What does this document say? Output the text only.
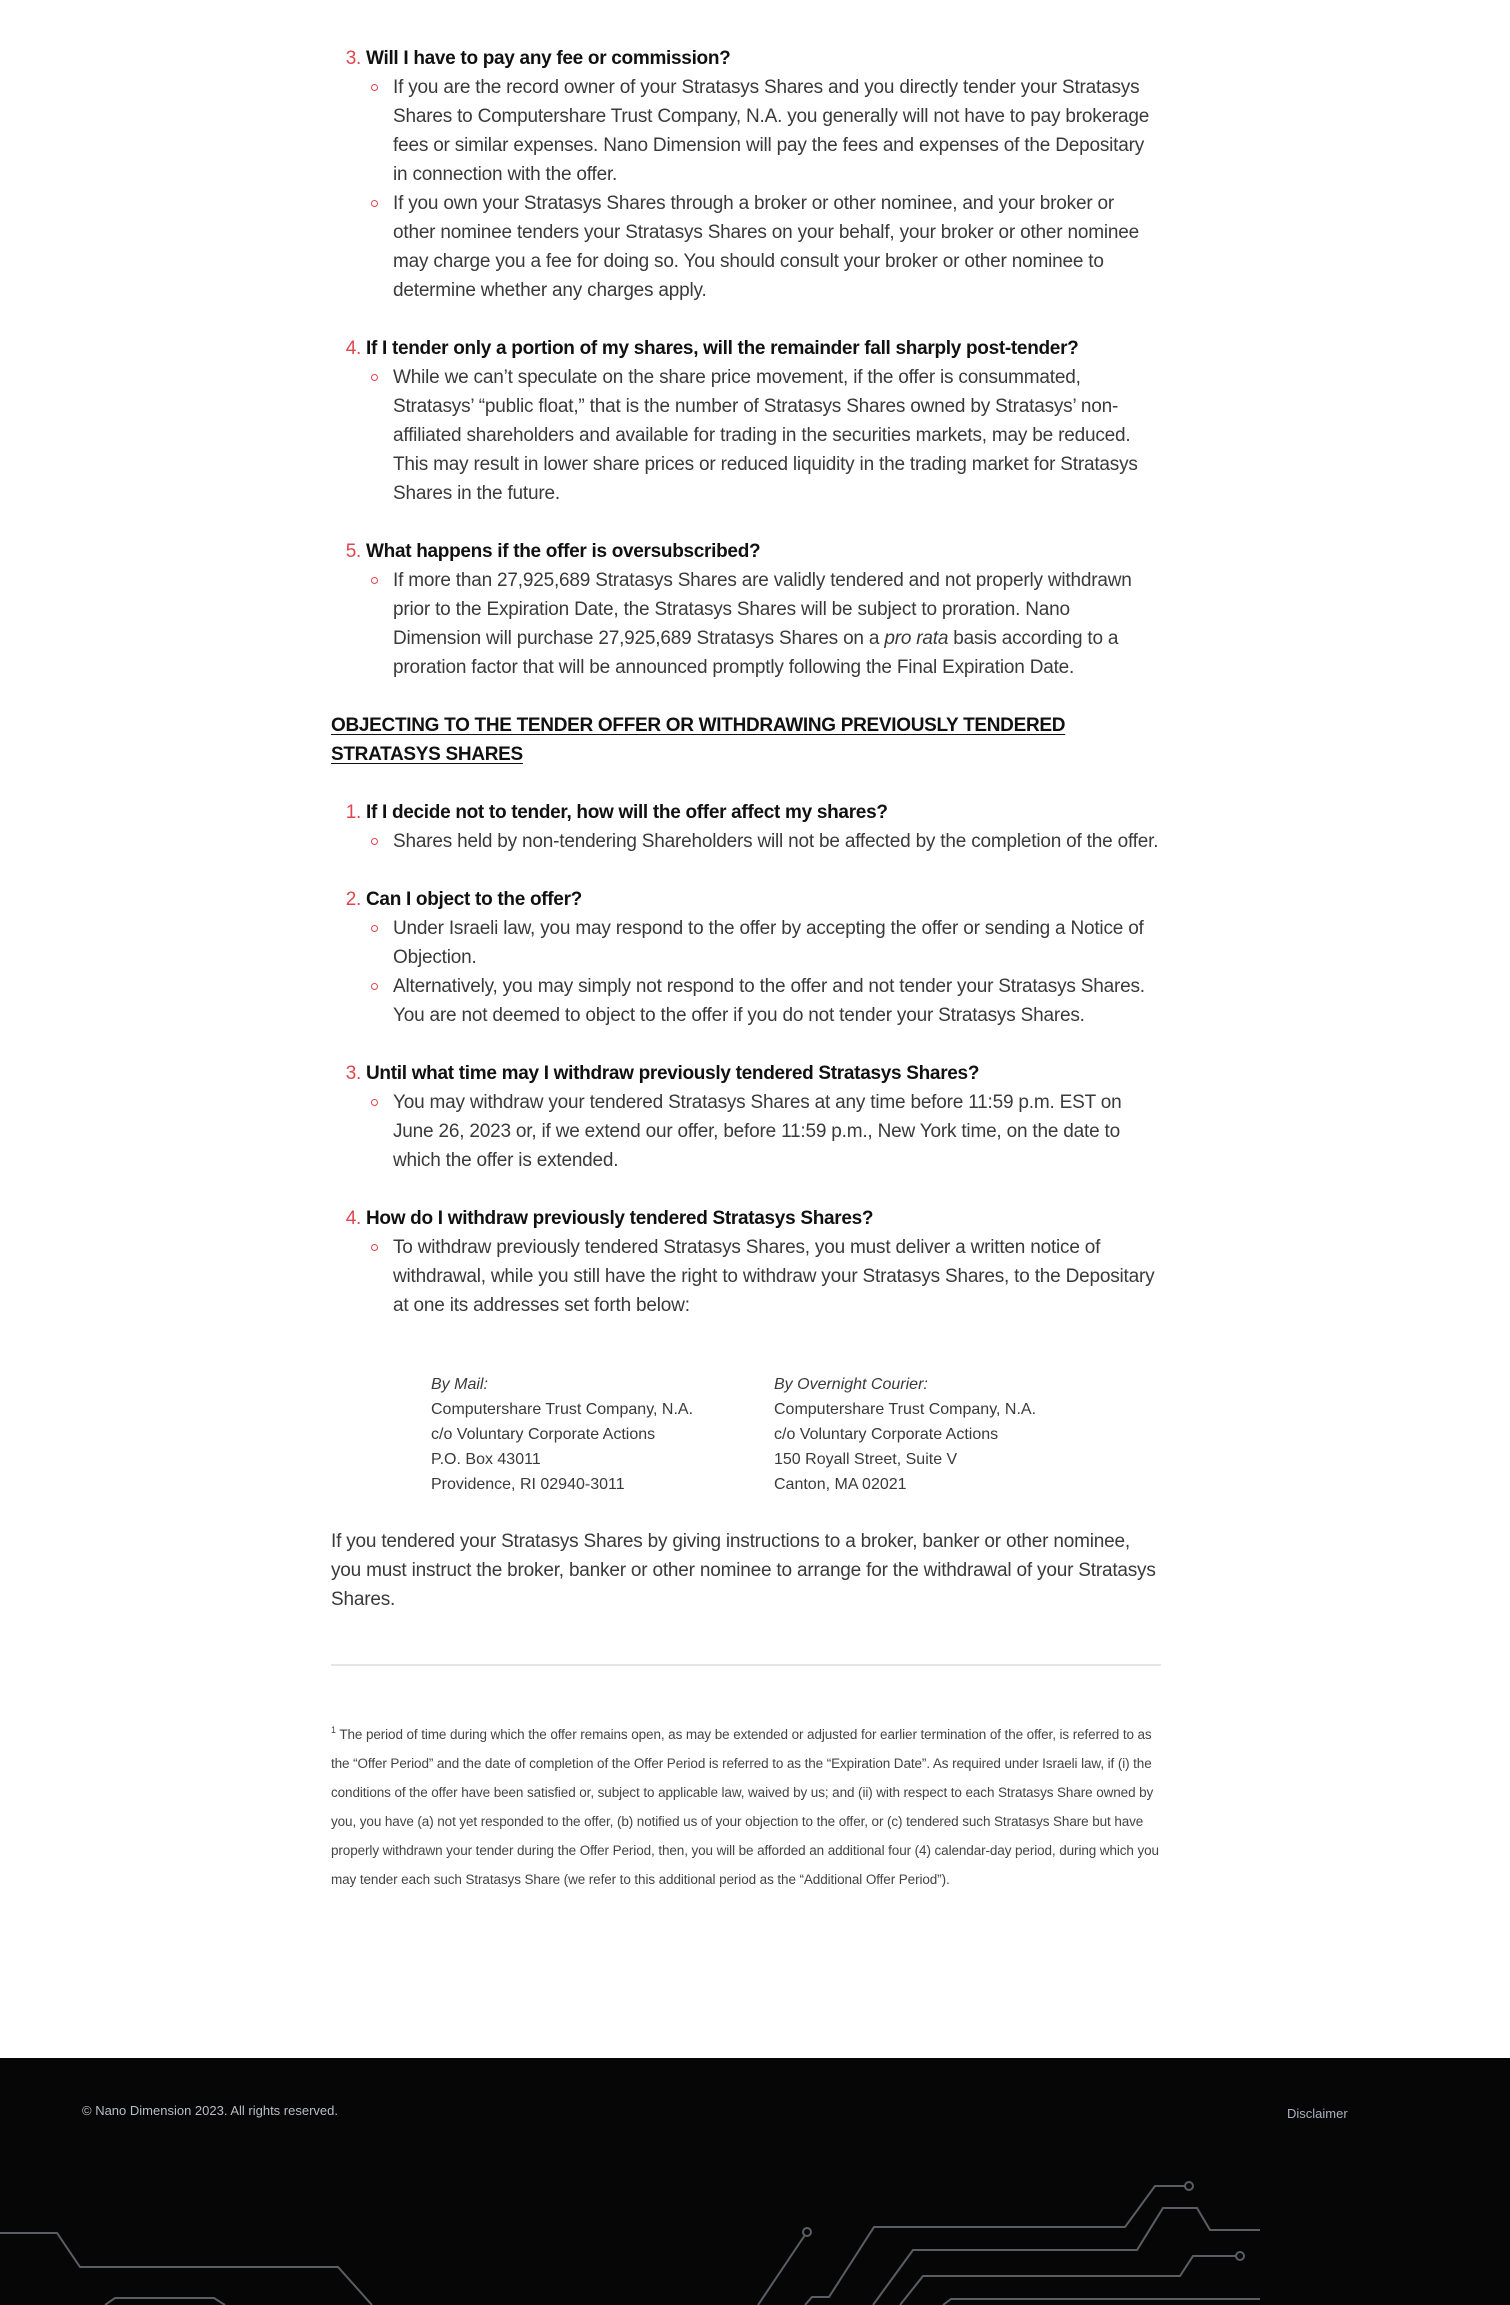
3. Will I have to pay any fee or commission?
If you are the record owner of your Stratasys Shares and you directly tender your Stratasys Shares to Computershare Trust Company, N.A. you generally will not have to pay brokerage fees or similar expenses. Nano Dimension will pay the fees and expenses of the Depositary in connection with the offer.
If you own your Stratasys Shares through a broker or other nominee, and your broker or other nominee tenders your Stratasys Shares on your behalf, your broker or other nominee may charge you a fee for doing so. You should consult your broker or other nominee to determine whether any charges apply.
4. If I tender only a portion of my shares, will the remainder fall sharply post-tender?
While we can’t speculate on the share price movement, if the offer is consummated, Stratasys’ “public float,” that is the number of Stratasys Shares owned by Stratasys’ non-affiliated shareholders and available for trading in the securities markets, may be reduced. This may result in lower share prices or reduced liquidity in the trading market for Stratasys Shares in the future.
5. What happens if the offer is oversubscribed?
If more than 27,925,689 Stratasys Shares are validly tendered and not properly withdrawn prior to the Expiration Date, the Stratasys Shares will be subject to proration. Nano Dimension will purchase 27,925,689 Stratasys Shares on a pro rata basis according to a proration factor that will be announced promptly following the Final Expiration Date.
OBJECTING TO THE TENDER OFFER OR WITHDRAWING PREVIOUSLY TENDERED STRATASYS SHARES
1. If I decide not to tender, how will the offer affect my shares?
Shares held by non-tendering Shareholders will not be affected by the completion of the offer.
2. Can I object to the offer?
Under Israeli law, you may respond to the offer by accepting the offer or sending a Notice of Objection.
Alternatively, you may simply not respond to the offer and not tender your Stratasys Shares. You are not deemed to object to the offer if you do not tender your Stratasys Shares.
3. Until what time may I withdraw previously tendered Stratasys Shares?
You may withdraw your tendered Stratasys Shares at any time before 11:59 p.m. EST on June 26, 2023 or, if we extend our offer, before 11:59 p.m., New York time, on the date to which the offer is extended.
4. How do I withdraw previously tendered Stratasys Shares?
To withdraw previously tendered Stratasys Shares, you must deliver a written notice of withdrawal, while you still have the right to withdraw your Stratasys Shares, to the Depositary at one its addresses set forth below:
By Mail:
Computershare Trust Company, N.A.
c/o Voluntary Corporate Actions
P.O. Box 43011
Providence, RI 02940-3011
By Overnight Courier:
Computershare Trust Company, N.A.
c/o Voluntary Corporate Actions
150 Royall Street, Suite V
Canton, MA 02021

If you tendered your Stratasys Shares by giving instructions to a broker, banker or other nominee, you must instruct the broker, banker or other nominee to arrange for the withdrawal of your Stratasys Shares.

$^1$ The period of time during which the offer remains open, as may be extended or adjusted for earlier termination of the offer, is referred to as the “Offer Period” and the date of completion of the Offer Period is referred to as the “Expiration Date”. As required under Israeli law, if (i) the conditions of the offer have been satisfied or, subject to applicable law, waived by us; and (ii) with respect to each Stratasys Share owned by you, you have (a) not yet responded to the offer, (b) notified us of your objection to the offer, or (c) tendered such Stratasys Share but have properly withdrawn your tender during the Offer Period, then, you will be afforded an additional four (4) calendar-day period, during which you may tender each such Stratasys Share (we refer to this additional period as the “Additional Offer Period”).

© Nano Dimension 2023. All rights reserved.	Disclaimer
